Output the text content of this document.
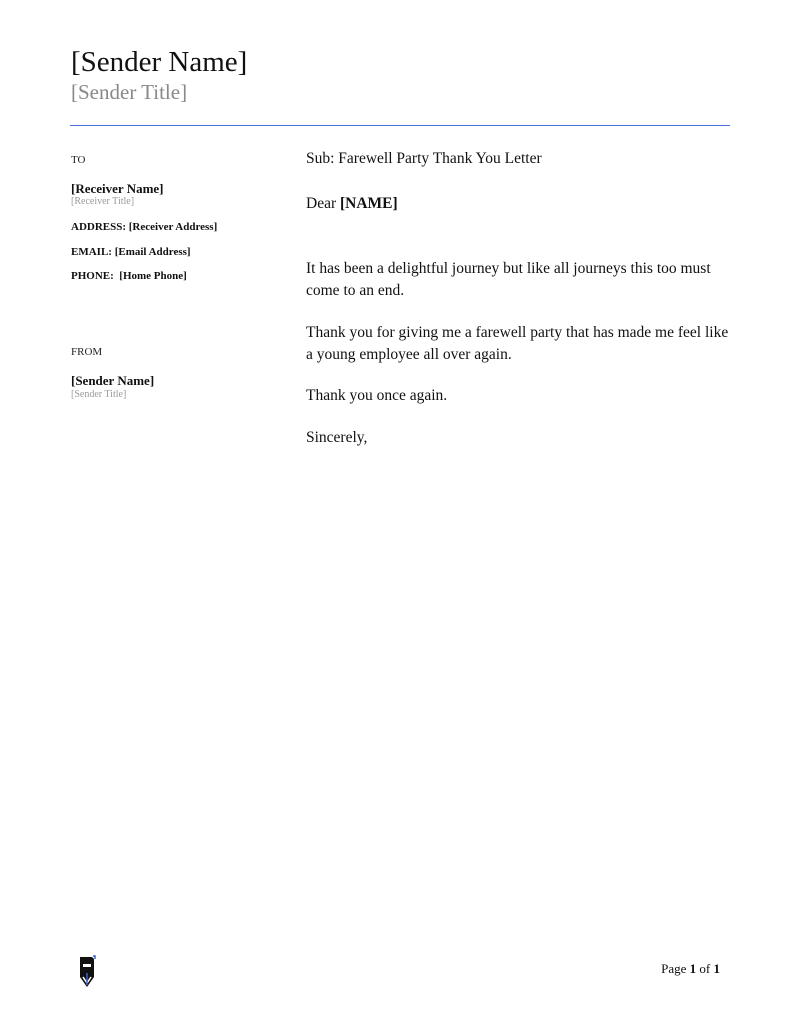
[Sender Name]
[Sender Title]
TO
[Receiver Name]
[Receiver Title]
ADDRESS: [Receiver Address]
EMAIL: [Email Address]
PHONE:  [Home Phone]
FROM
[Sender Name]
[Sender Title]
Sub: Farewell Party Thank You Letter
Dear [NAME]
It has been a delightful journey but like all journeys this too must come to an end.
Thank you for giving me a farewell party that has made me feel like a young employee all over again.
Thank you once again.
Sincerely,
Page 1 of 1
